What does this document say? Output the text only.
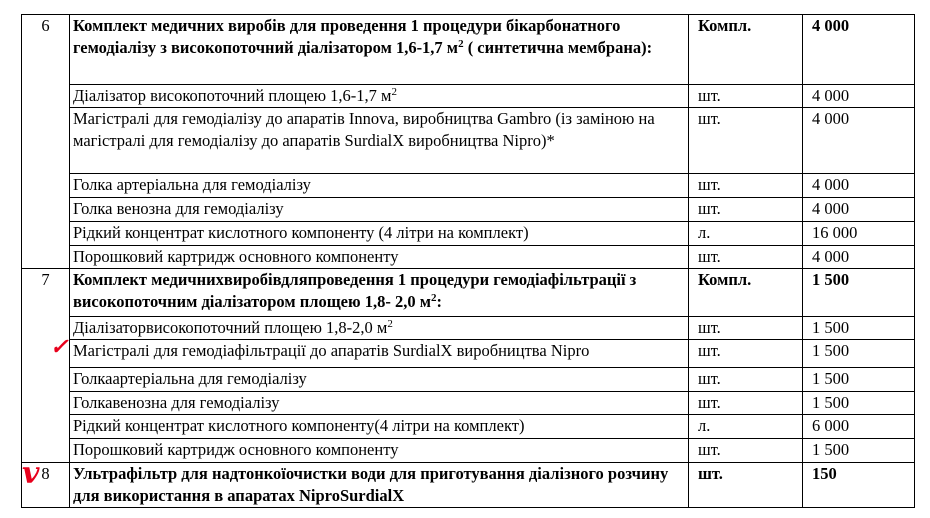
6	Комплект медичних виробів для проведення 1 процедури бікарбонатного гемодіалізу з високопоточний діалізатором 1,6-1,7 $м^2$ ( синтетична мембрана):	Компл.	4 000
	Діалізатор високопоточний площею 1,6-1,7 $м^2$	шт.	4 000
	Магістралі для гемодіалізу до апаратів Innova, виробництва Gambro (із заміною на магістралі для гемодіалізу до апаратів SurdialX виробництва Nipro)*	шт.	4 000
	Голка артеріальна для гемодіалізу	шт.	4 000
	Голка венозна для гемодіалізу	шт.	4 000
	Рідкий концентрат кислотного компоненту (4 літри на комплект)	л.	16 000
	Порошковий картридж основного компоненту	шт.	4 000
7	Комплект медичнихвиробівдляпроведення 1 процедури гемодіафільтрації з високопоточним діалізатором площею 1,8- 2,0 $м^2$:	Компл.	1 500
	Діалізаторвисокопоточний площею 1,8-2,0 $м^2$	шт.	1 500
	Магістралі для гемодіафільтрації до апаратів SurdialX виробництва Nipro	шт.	1 500
	Голкаартеріальна для гемодіалізу	шт.	1 500
	Голкавенозна для гемодіалізу	шт.	1 500
	Рідкий концентрат кислотного компоненту(4 літри на комплект)	л.	6 000
	Порошковий картридж основного компоненту	шт.	1 500
8	Ультрафільтр для надтонкоїочистки води для приготування діалізного розчину для використання в апаратах NiproSurdialX	шт.	150
✓
v
